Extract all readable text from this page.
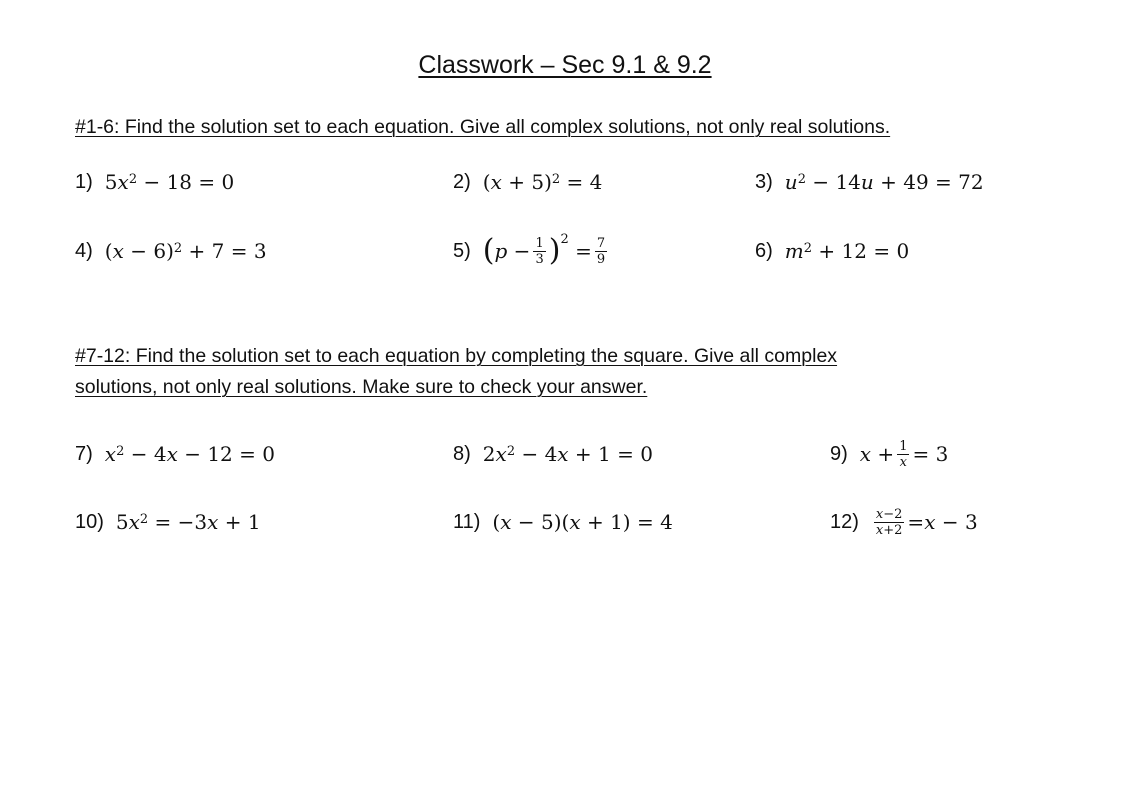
Classwork – Sec 9.1 & 9.2
#1-6: Find the solution set to each equation. Give all complex solutions, not only real solutions.
1) 5 $x^2 - 18 = 0$	2) ( x + 5)$^2$ = 4	3) $u^2 - 14$ u + 49 = 72
4) ( x − 6)$^2$ + 7 = 3	5) ( $p - \frac{1}{3} )^2 = \frac{7}{9}$	6) $m^2 + 12 = 0$
#7-12: Find the solution set to each equation by completing the square. Give all complex
solutions, not only real solutions. Make sure to check your answer.
7) $x^2 - 4$ x − 12 = 0	8) 2 $x^2 - 4$ x + 1 = 0	9) $x + \frac{1}{x} = 3$
10) 5 $x^2 = -3$ x + 1	11) ( x − 5)( x + 1) = 4	$12) \frac{x-2}{x+2} = x - 3$
